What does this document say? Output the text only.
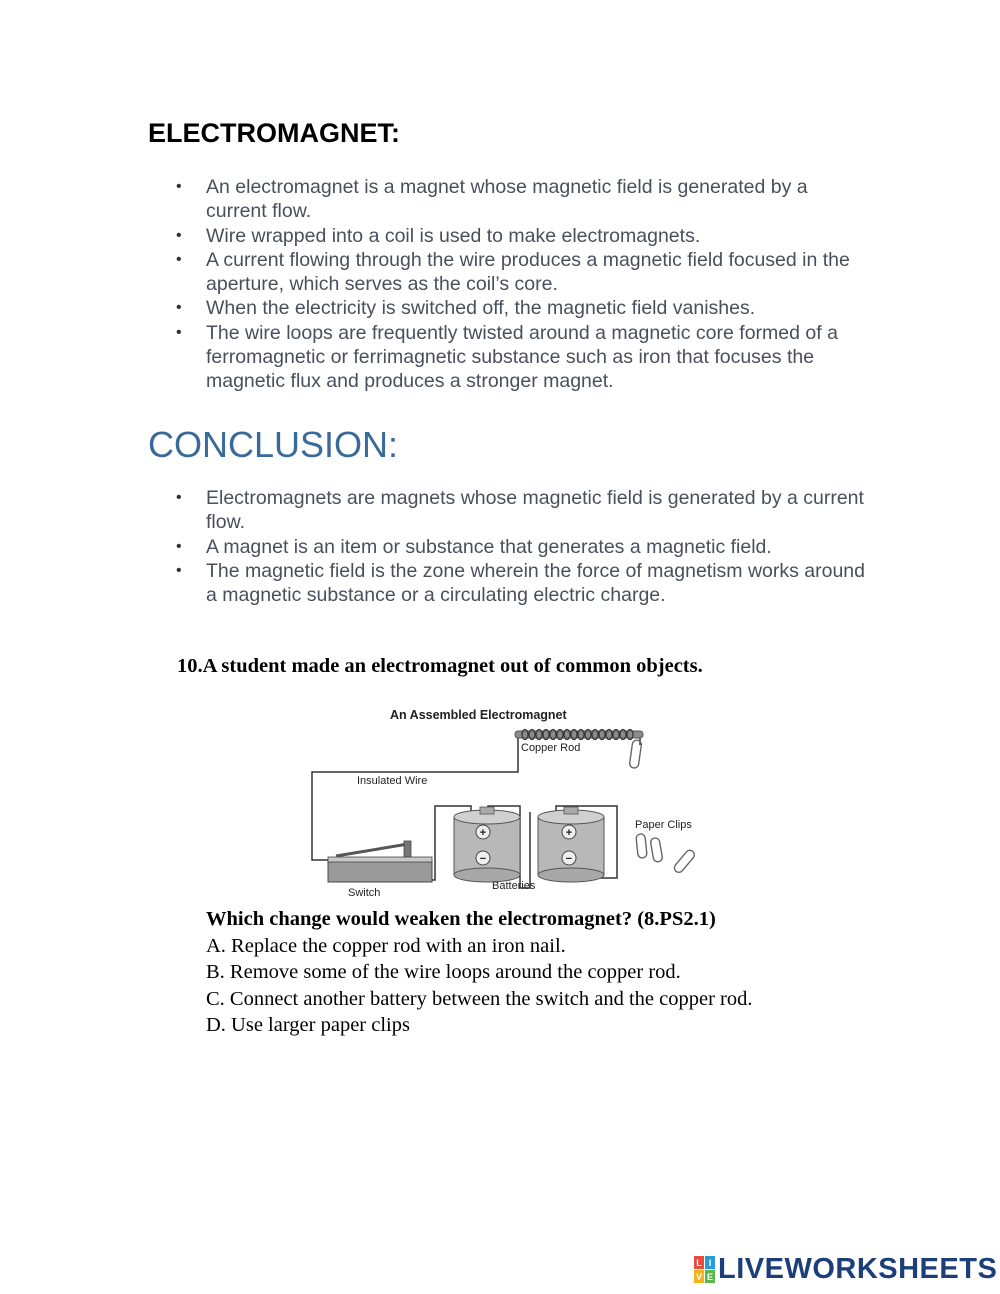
ELECTROMAGNET:
• An electromagnet is a magnet whose magnetic field is generated by a current flow.
• Wire wrapped into a coil is used to make electromagnets.
• A current flowing through the wire produces a magnetic field focused in the aperture, which serves as the coil’s core.
• When the electricity is switched off, the magnetic field vanishes.
• The wire loops are frequently twisted around a magnetic core formed of a ferromagnetic or ferrimagnetic substance such as iron that focuses the magnetic flux and produces a stronger magnet.
CONCLUSION:
• Electromagnets are magnets whose magnetic field is generated by a current flow.
• A magnet is an item or substance that generates a magnetic field.
• The magnetic field is the zone wherein the force of magnetism works around a magnetic substance or a circulating electric charge.

10.A student made an electromagnet out of common objects.

An Assembled Electromagnet
Copper Rod
Insulated Wire
+
−
+
−
Switch
Batteries
Paper Clips
Which change would weaken the electromagnet? (8.PS2.1)
A. Replace the copper rod with an iron nail.
B. Remove some of the wire loops around the copper rod.
C. Connect another battery between the switch and the copper rod.
D. Use larger paper clips
L I
V E LIVEWORKSHEETS
